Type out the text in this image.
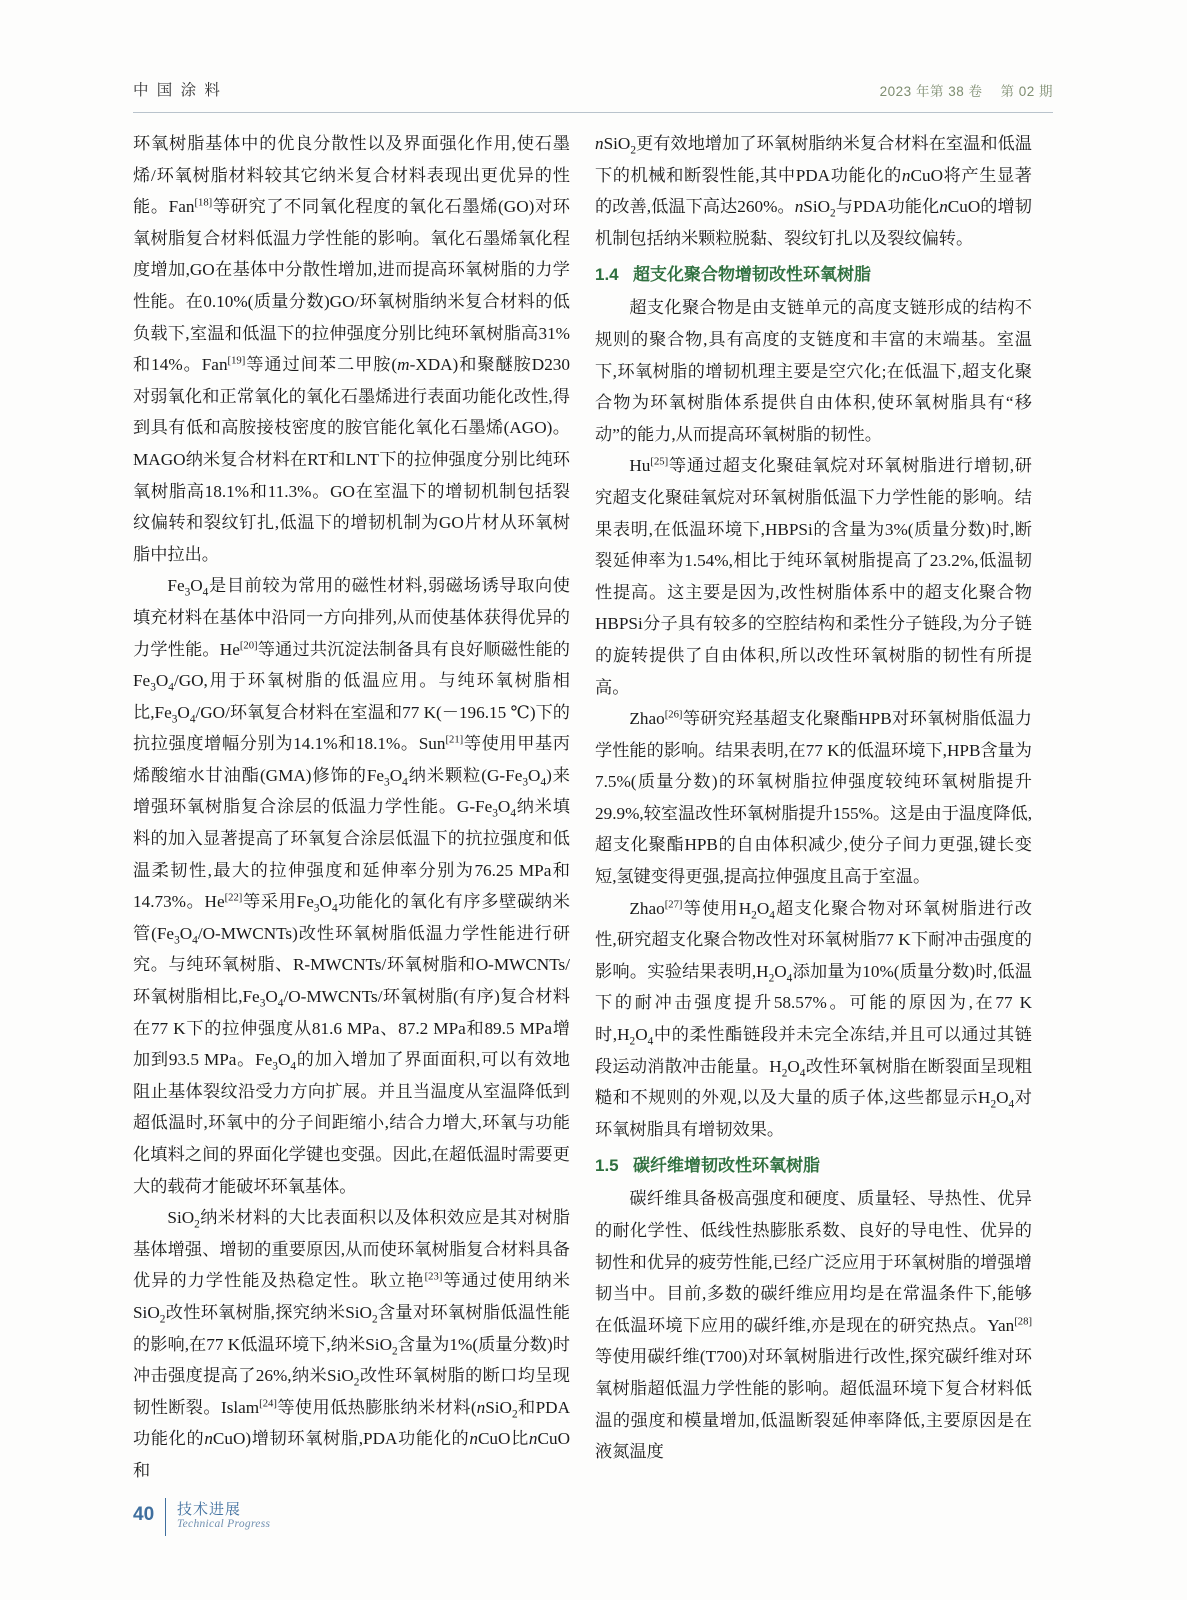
中 国 涂 料	2023 年第 38 卷 第 02 期

环氧树脂基体中的优良分散性以及界面强化作用,使石墨烯/环氧树脂材料较其它纳米复合材料表现出更优异的性能。Fan[18]等研究了不同氧化程度的氧化石墨烯(GO)对环氧树脂复合材料低温力学性能的影响。氧化石墨烯氧化程度增加,GO在基体中分散性增加,进而提高环氧树脂的力学性能。在0.10%(质量分数)GO/环氧树脂纳米复合材料的低负载下,室温和低温下的拉伸强度分别比纯环氧树脂高31%和14%。Fan[19]等通过间苯二甲胺(m-XDA)和聚醚胺D230对弱氧化和正常氧化的氧化石墨烯进行表面功能化改性,得到具有低和高胺接枝密度的胺官能化氧化石墨烯(AGO)。MAGO纳米复合材料在RT和LNT下的拉伸强度分别比纯环氧树脂高18.1%和11.3%。GO在室温下的增韧机制包括裂纹偏转和裂纹钉扎,低温下的增韧机制为GO片材从环氧树脂中拉出。

$Fe_3O_4$是目前较为常用的磁性材料,弱磁场诱导取向使填充材料在基体中沿同一方向排列,从而使基体获得优异的力学性能。He[20]等通过共沉淀法制备具有良好顺磁性能的$Fe_3O_4/GO$,用于环氧树脂的低温应用。与纯环氧树脂相比$,Fe_3O_4/GO/$环氧复合材料在室温和77 K(－196.15 ℃)下的抗拉强度增幅分别为14.1%和18.1%。Sun[21]等使用甲基丙烯酸缩水甘油酯(GMA)修饰的$Fe_3O_4$纳米颗粒$(G-Fe_3O_4)$来增强环氧树脂复合涂层的低温力学性能。$G-Fe_3O_4$纳米填料的加入显著提高了环氧复合涂层低温下的抗拉强度和低温柔韧性,最大的拉伸强度和延伸率分别为76.25 MPa和14.73%。He[22]等采用$Fe_3O_4$功能化的氧化有序多壁碳纳米管$(Fe_3O_4/O-MWCNTs)$改性环氧树脂低温力学性能进行研究。与纯环氧树脂、R-MWCNTs/环氧树脂和O-MWCNTs/环氧树脂相比$,Fe_3O_4/O-MWCNTs/$环氧树脂(有序)复合材料在77 K下的拉伸强度从81.6 MPa、87.2 MPa和89.5 MPa增加到93.5 MPa。$Fe_3O_4$的加入增加了界面面积,可以有效地阻止基体裂纹沿受力方向扩展。并且当温度从室温降低到超低温时,环氧中的分子间距缩小,结合力增大,环氧与功能化填料之间的界面化学键也变强。因此,在超低温时需要更大的载荷才能破坏环氧基体。

SiO$_2$纳米材料的大比表面积以及体积效应是其对树脂基体增强、增韧的重要原因,从而使环氧树脂复合材料具备优异的力学性能及热稳定性。耿立艳[23]等通过使用纳米SiO$_2$改性环氧树脂,探究纳米SiO$_2$含量对环氧树脂低温性能的影响,在77 K低温环境下,纳米SiO$_2$含量为1%(质量分数)时冲击强度提高了26%,纳米SiO$_2$改性环氧树脂的断口均呈现韧性断裂。Islam[24]等使用低热膨胀纳米材料(nSiO$_2$和PDA功能化的nCuO)增韧环氧树脂,PDA功能化的nCuO比nCuO和

nSiO$_2$更有效地增加了环氧树脂纳米复合材料在室温和低温下的机械和断裂性能,其中PDA功能化的nCuO将产生显著的改善,低温下高达260%。nSiO$_2$与PDA功能化nCuO的增韧机制包括纳米颗粒脱黏、裂纹钉扎以及裂纹偏转。

1.4 超支化聚合物增韧改性环氧树脂

超支化聚合物是由支链单元的高度支链形成的结构不规则的聚合物,具有高度的支链度和丰富的末端基。室温下,环氧树脂的增韧机理主要是空穴化;在低温下,超支化聚合物为环氧树脂体系提供自由体积,使环氧树脂具有“移动”的能力,从而提高环氧树脂的韧性。

Hu[25]等通过超支化聚硅氧烷对环氧树脂进行增韧,研究超支化聚硅氧烷对环氧树脂低温下力学性能的影响。结果表明,在低温环境下,HBPSi的含量为3%(质量分数)时,断裂延伸率为1.54%,相比于纯环氧树脂提高了23.2%,低温韧性提高。这主要是因为,改性树脂体系中的超支化聚合物HBPSi分子具有较多的空腔结构和柔性分子链段,为分子链的旋转提供了自由体积,所以改性环氧树脂的韧性有所提高。

Zhao[26]等研究羟基超支化聚酯HPB对环氧树脂低温力学性能的影响。结果表明,在77 K的低温环境下,HPB含量为7.5%(质量分数)的环氧树脂拉伸强度较纯环氧树脂提升29.9%,较室温改性环氧树脂提升155%。这是由于温度降低,超支化聚酯HPB的自由体积减少,使分子间力更强,键长变短,氢键变得更强,提高拉伸强度且高于室温。

Zhao[27]等使用$H_2O_4$超支化聚合物对环氧树脂进行改性,研究超支化聚合物改性对环氧树脂77 K下耐冲击强度的影响。实验结果表明$,H_2O_4$添加量为10%(质量分数)时,低温下的耐冲击强度提升58.57%。可能的原因为,在77 K时$,H_2O_4$中的柔性酯链段并未完全冻结,并且可以通过其链段运动消散冲击能量。$H_2O_4$改性环氧树脂在断裂面呈现粗糙和不规则的外观,以及大量的质子体,这些都显示$H_2O_4$对环氧树脂具有增韧效果。

1.5 碳纤维增韧改性环氧树脂

碳纤维具备极高强度和硬度、质量轻、导热性、优异的耐化学性、低线性热膨胀系数、良好的导电性、优异的韧性和优异的疲劳性能,已经广泛应用于环氧树脂的增强增韧当中。目前,多数的碳纤维应用均是在常温条件下,能够在低温环境下应用的碳纤维,亦是现在的研究热点。Yan[28]等使用碳纤维(T700)对环氧树脂进行改性,探究碳纤维对环氧树脂超低温力学性能的影响。超低温环境下复合材料低温的强度和模量增加,低温断裂延伸率降低,主要原因是在液氮温度

40 技术进展
Technical Progress
